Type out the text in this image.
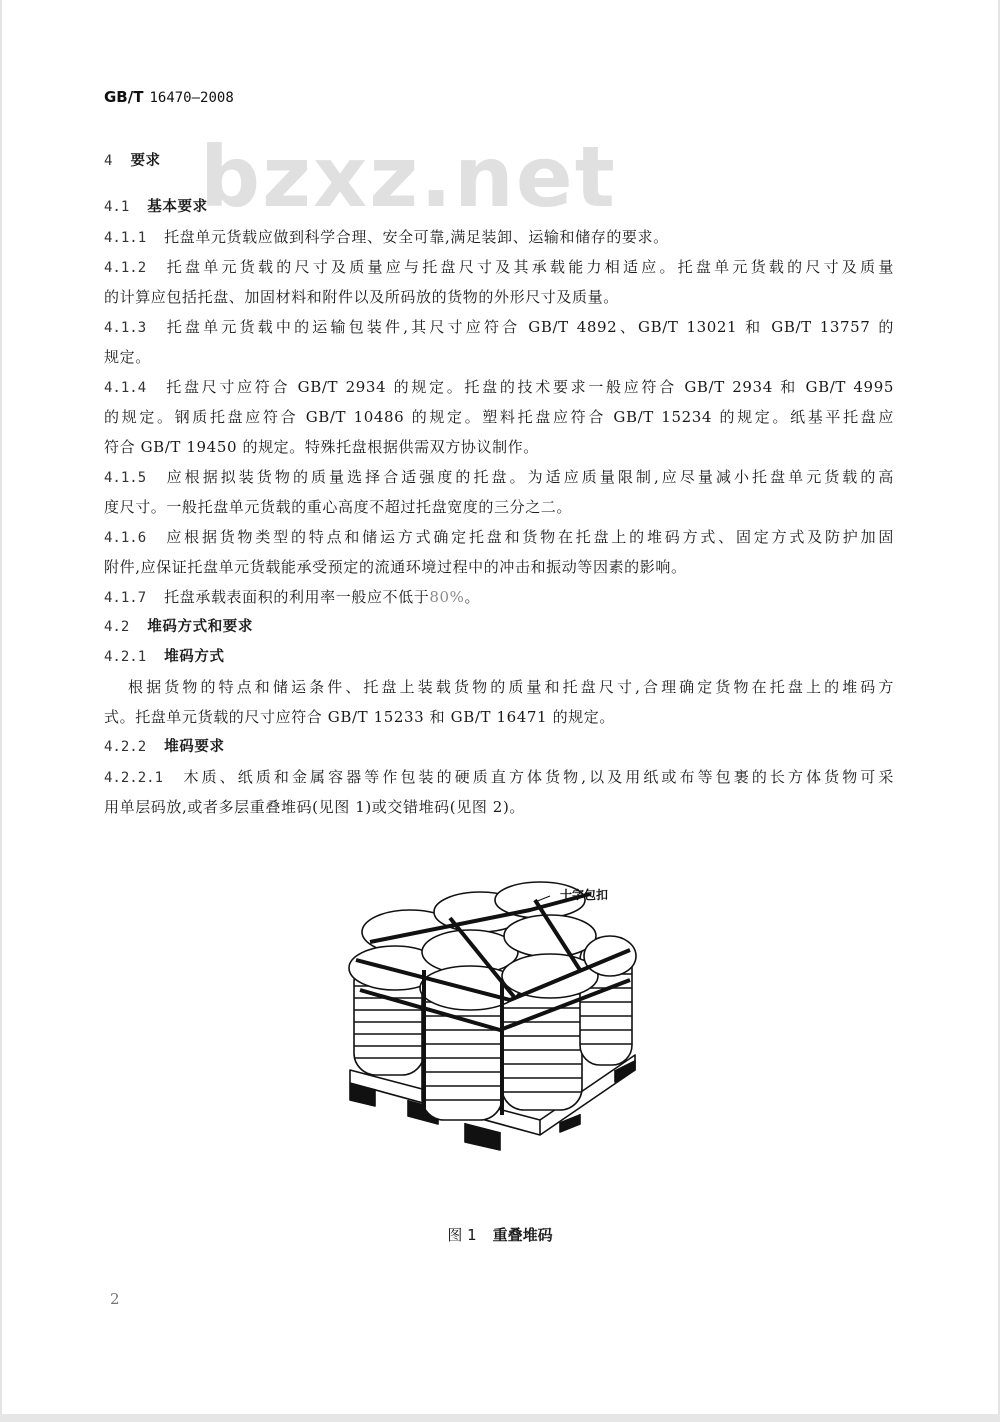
GB/T 16470—2008
bzxz.net
4 要求
4.1 基本要求
4.1.1 托盘单元货载应做到科学合理、安全可靠,满足装卸、运输和储存的要求。
4.1.2 托盘单元货载的尺寸及质量应与托盘尺寸及其承载能力相适应。托盘单元货载的尺寸及质量
的计算应包括托盘、加固材料和附件以及所码放的货物的外形尺寸及质量。
4.1.3 托盘单元货载中的运输包装件,其尺寸应符合 GB/T 4892、GB/T 13021 和 GB/T 13757 的
规定。
4.1.4 托盘尺寸应符合 GB/T 2934 的规定。托盘的技术要求一般应符合 GB/T 2934 和 GB/T 4995
的规定。钢质托盘应符合 GB/T 10486 的规定。塑料托盘应符合 GB/T 15234 的规定。纸基平托盘应
符合 GB/T 19450 的规定。特殊托盘根据供需双方协议制作。
4.1.5 应根据拟装货物的质量选择合适强度的托盘。为适应质量限制,应尽量减小托盘单元货载的高
度尺寸。一般托盘单元货载的重心高度不超过托盘宽度的三分之二。
4.1.6 应根据货物类型的特点和储运方式确定托盘和货物在托盘上的堆码方式、固定方式及防护加固
附件,应保证托盘单元货载能承受预定的流通环境过程中的冲击和振动等因素的影响。
4.1.7 托盘承载表面积的利用率一般应不低于80%。
4.2 堆码方式和要求
4.2.1 堆码方式
根据货物的特点和储运条件、托盘上装载货物的质量和托盘尺寸,合理确定货物在托盘上的堆码方
式。托盘单元货载的尺寸应符合 GB/T 15233 和 GB/T 16471 的规定。
4.2.2 堆码要求
4.2.2.1 木质、纸质和金属容器等作包装的硬质直方体货物,以及用纸或布等包裹的长方体货物可采
用单层码放,或者多层重叠堆码(见图 1)或交错堆码(见图 2)。
十字包扣
图 1 重叠堆码
2
